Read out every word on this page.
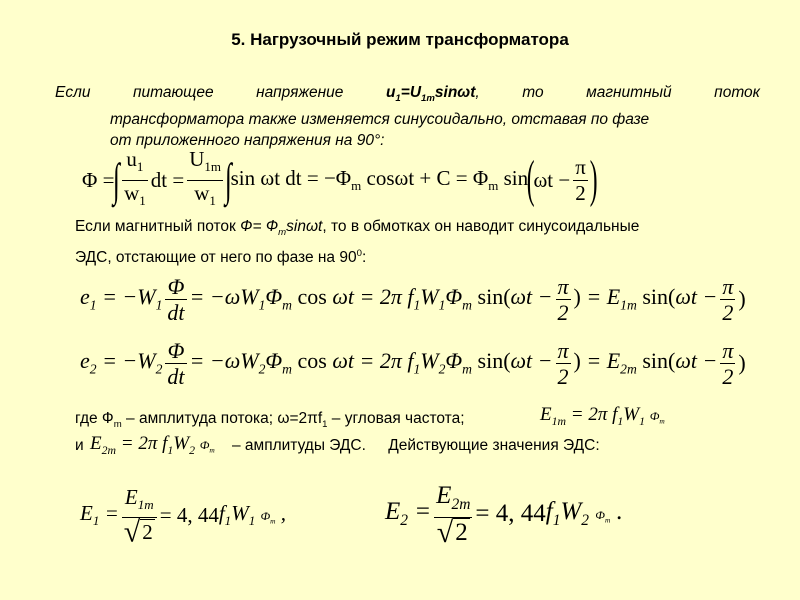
5. Нагрузочный режим трансформатора
Если	питающее	напряжение	$u_1=U_{1m}\sin\omega t$,	то	магнитный	поток
трансформатора также изменяется синусоидально, отставая по фазе
от приложенного напряжения на 90°:
Φ =
∫ $\frac{u_1}{w_1}$ dt = $\frac{U_{1m}}{w_1}$ ∫
sin ωt dt = $-\Phi_m$ $\cos\omega t + C = \Phi_m$ sin
(
$\omega t - \frac{\pi}{2}$ )
Если магнитный поток $Ф= Ф_m\sin\omega t$, то в обмотках он наводит синусоидальные
ЭДС, отстающие от него по фазе на $90^0$:
$e_1 = -W_1 \frac{\Phi}{dt} = -\omega W_1\Phi_m$ cos ωt = 2π $f_1W_1\Phi_m$ $\sin(\omega t - \frac{\pi}{2}$ ) = $E_{1m}$ $\sin(\omega t - \frac{\pi}{2}$ )
$e_2 = -W_2 \frac{\Phi}{dt} = -\omega W_2\Phi_m$ cos ωt = 2π $f_1W_2\Phi_m$ $\sin(\omega t - \frac{\pi}{2}$ ) = $E_{2m}$ $\sin(\omega t - \frac{\pi}{2}$ )
где $Ф_m$ – амплитуда потока; $\omega=2\pi f_1$ – угловая частота;	$E_{1m} = 2\pi$ $f_1W_1$ $Ф_m$
и $E_{2m} = 2\pi$ $f_1W_2$ $Ф_m$ – амплитуды ЭДС. Действующие значения ЭДС:
$E_1 = \frac{E_{1m}}{√2} = 4$, 44 $f_1W_1$ $Ф_m$ ,	$E_2 = \frac{E_{2m}}{√2} = 4$, 44 $f_1W_2$ $Ф_m$ .
